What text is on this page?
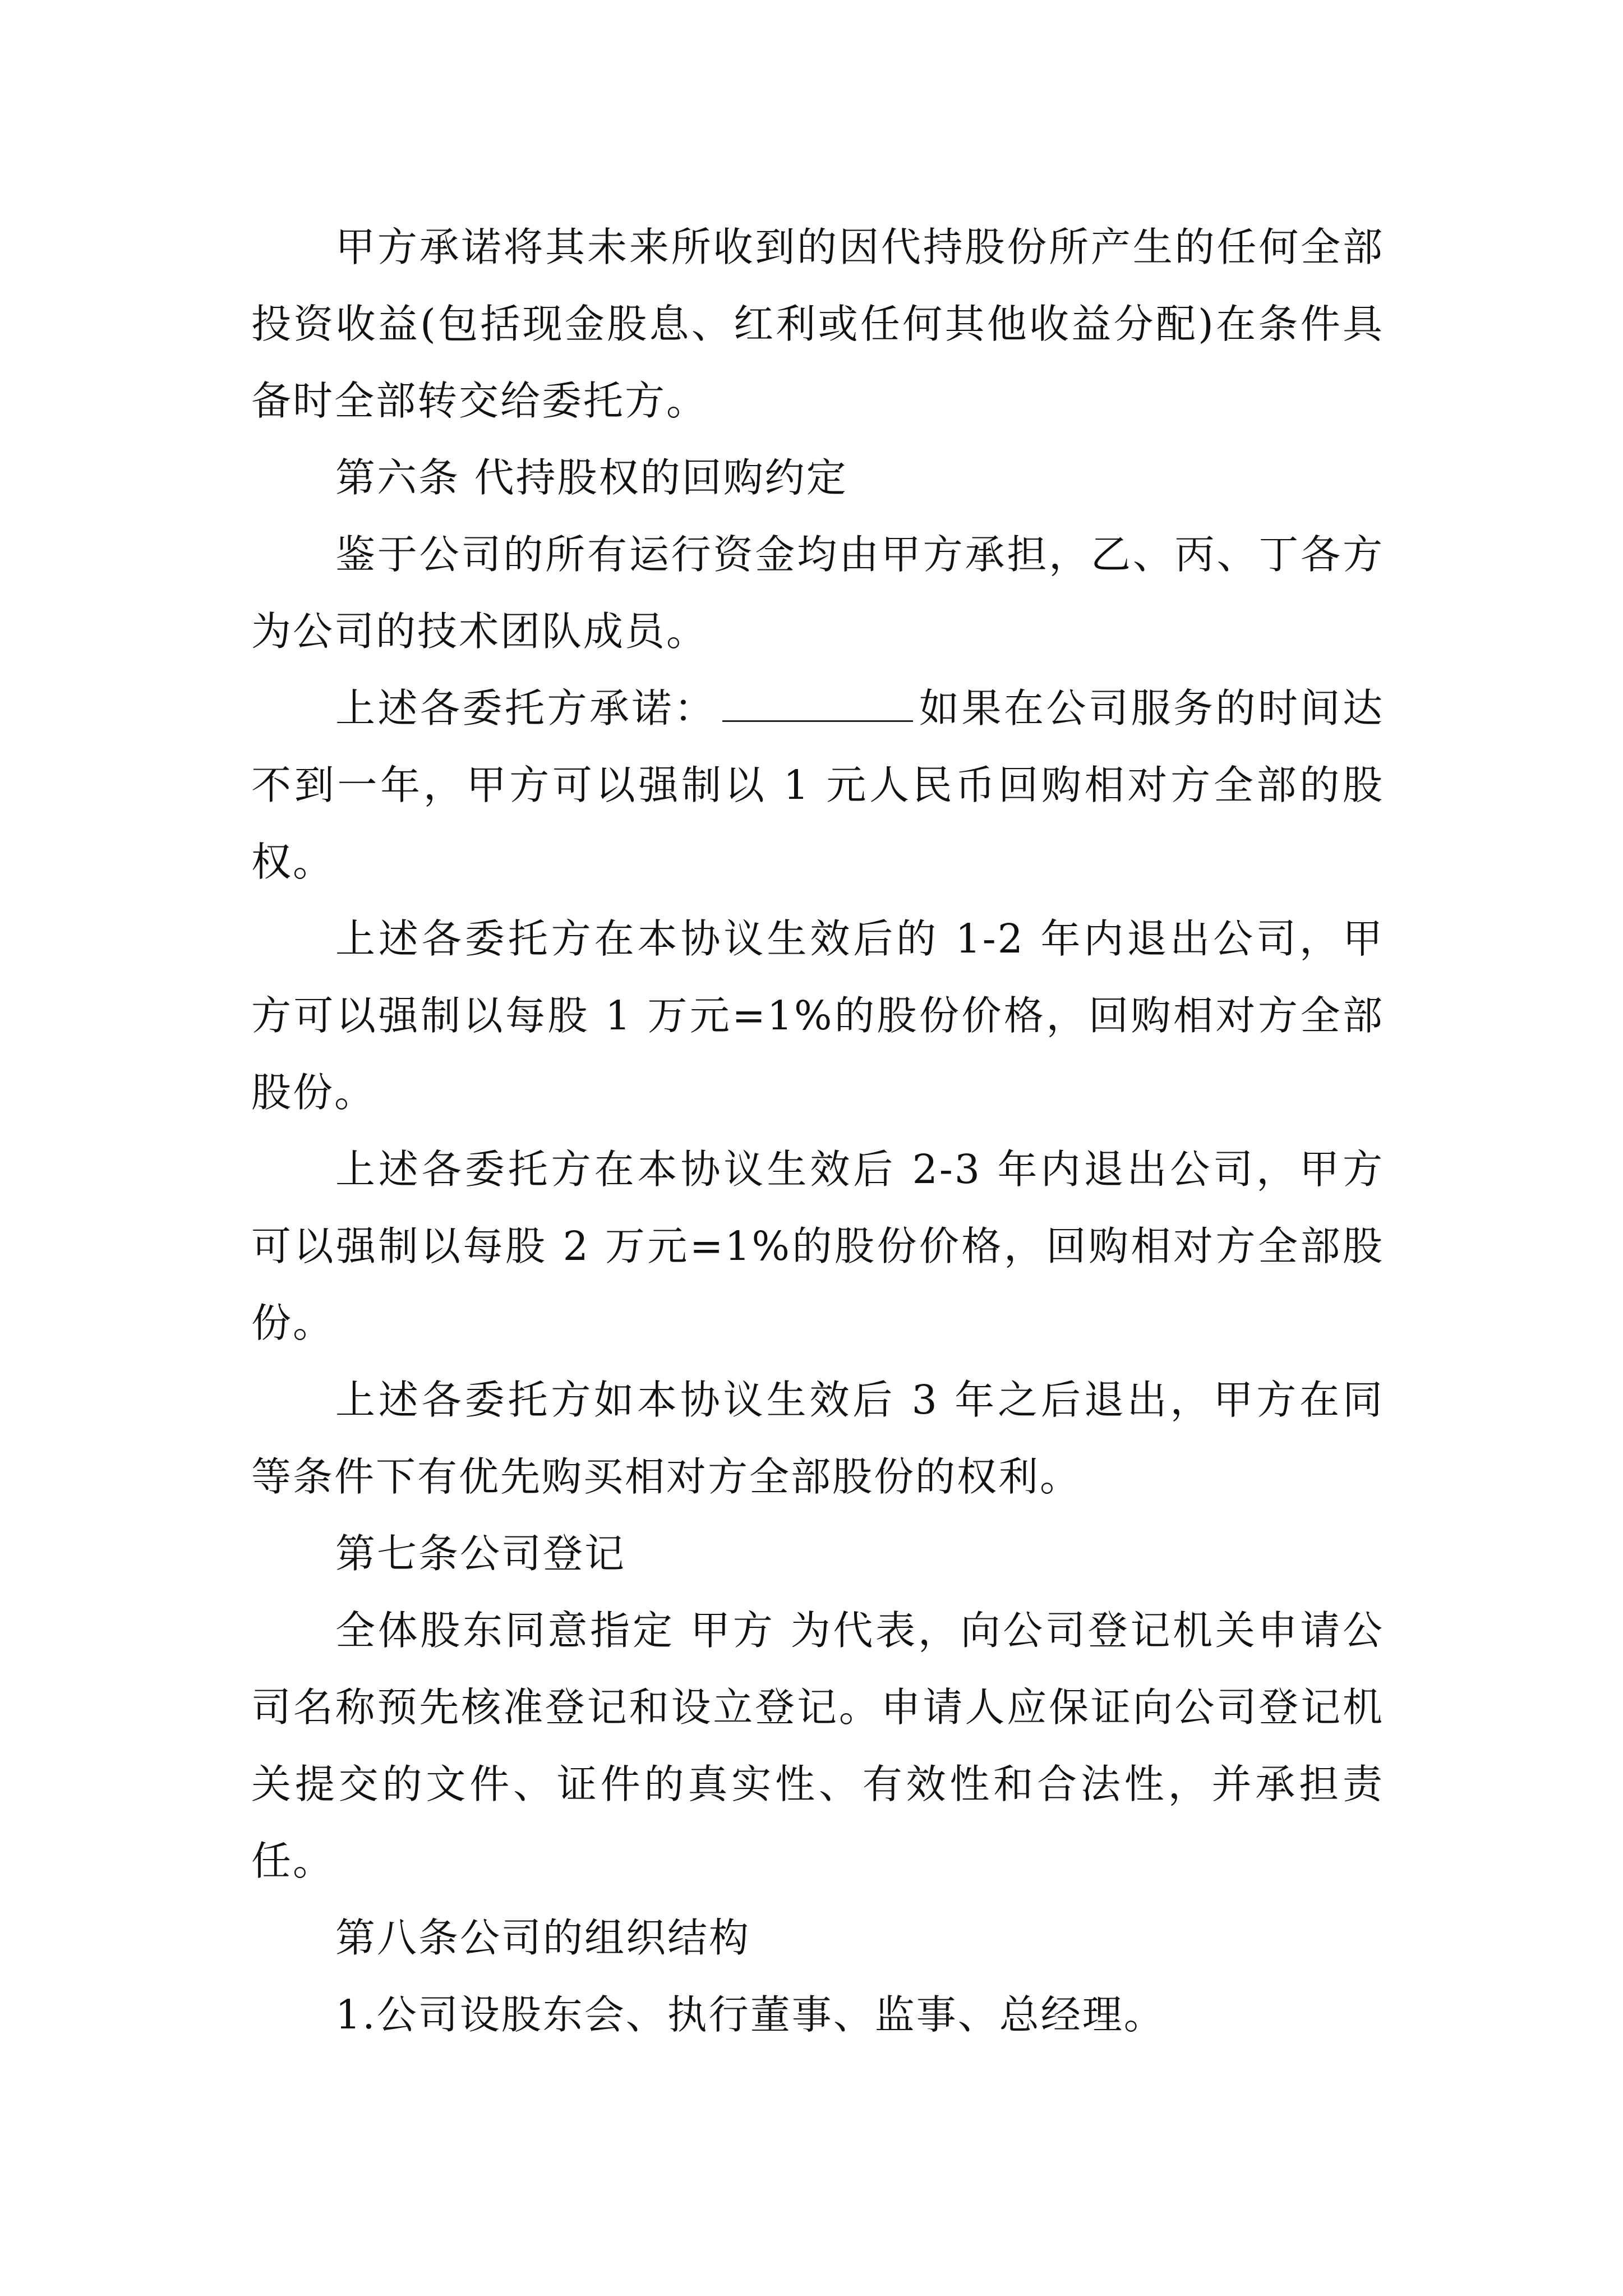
甲方承诺将其未来所收到的因代持股份所产生的任何全部投资收益(包括现金股息、红利或任何其他收益分配)在条件具备时全部转交给委托方。

第六条 代持股权的回购约定

鉴于公司的所有运行资金均由甲方承担，乙、丙、丁各方为公司的技术团队成员。

上述各委托方承诺：	如果在公司服务的时间达不到一年，甲方可以强制以 1 元人民币回购相对方全部的股权。

上述各委托方在本协议生效后的 1-2 年内退出公司，甲方可以强制以每股 1 万元=1%的股份价格，回购相对方全部股份。

上述各委托方在本协议生效后 2-3 年内退出公司，甲方可以强制以每股 2 万元=1%的股份价格，回购相对方全部股份。

上述各委托方如本协议生效后 3 年之后退出，甲方在同等条件下有优先购买相对方全部股份的权利。

第七条公司登记

全体股东同意指定 甲方 为代表，向公司登记机关申请公司名称预先核准登记和设立登记。申请人应保证向公司登记机关提交的文件、证件的真实性、有效性和合法性，并承担责任。

第八条公司的组织结构

1.公司设股东会、执行董事、监事、总经理。
